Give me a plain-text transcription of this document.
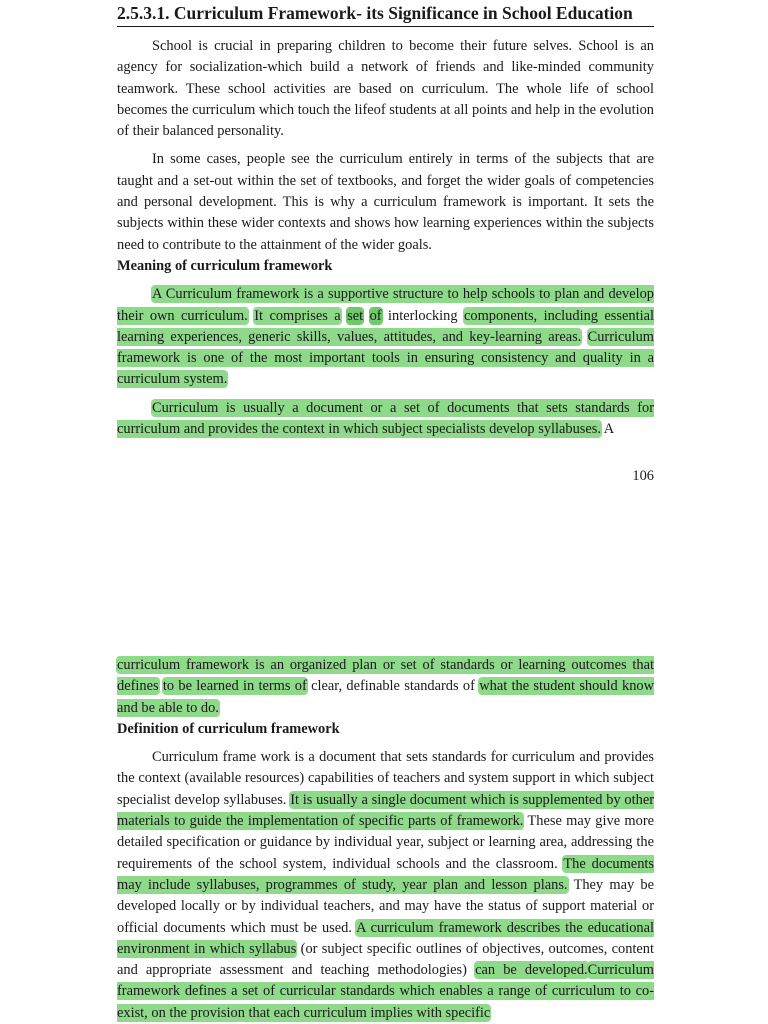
2.5.3.1. Curriculum Framework- its Significance in School Education

School is crucial in preparing children to become their future selves. School is an agency for socialization-which build a network of friends and like-minded community teamwork. These school activities are based on curriculum. The whole life of school becomes the curriculum which touch the lifeof students at all points and help in the evolution of their balanced personality.

In some cases, people see the curriculum entirely in terms of the subjects that are taught and a set-out within the set of textbooks, and forget the wider goals of competencies and personal development. This is why a curriculum framework is important. It sets the subjects within these wider contexts and shows how learning experiences within the subjects need to contribute to the attainment of the wider goals.

Meaning of curriculum framework

A Curriculum framework is a supportive structure to help schools to plan and develop their own curriculum. It comprises a set of interlocking components, including essential learning experiences, generic skills, values, attitudes, and key-learning areas. Curriculum framework is one of the most important tools in ensuring consistency and quality in a curriculum system.

Curriculum is usually a document or a set of documents that sets standards for curriculum and provides the context in which subject specialists develop syllabuses. A

106

curriculum framework is an organized plan or set of standards or learning outcomes that defines to be learned in terms of clear, definable standards of what the student should know and be able to do.

Definition of curriculum framework

Curriculum frame work is a document that sets standards for curriculum and provides the context (available resources) capabilities of teachers and system support in which subject specialist develop syllabuses. It is usually a single document which is supplemented by other materials to guide the implementation of specific parts of framework. These may give more detailed specification or guidance by individual year, subject or learning area, addressing the requirements of the school system, individual schools and the classroom. The documents may include syllabuses, programmes of study, year plan and lesson plans. They may be developed locally or by individual teachers, and may have the status of support material or official documents which must be used. A curriculum framework describes the educational environment in which syllabus (or subject specific outlines of objectives, outcomes, content and appropriate assessment and teaching methodologies) can be developed.Curriculum framework defines a set of curricular standards which enables a range of curriculum to co-exist, on the provision that each curriculum implies with specific
